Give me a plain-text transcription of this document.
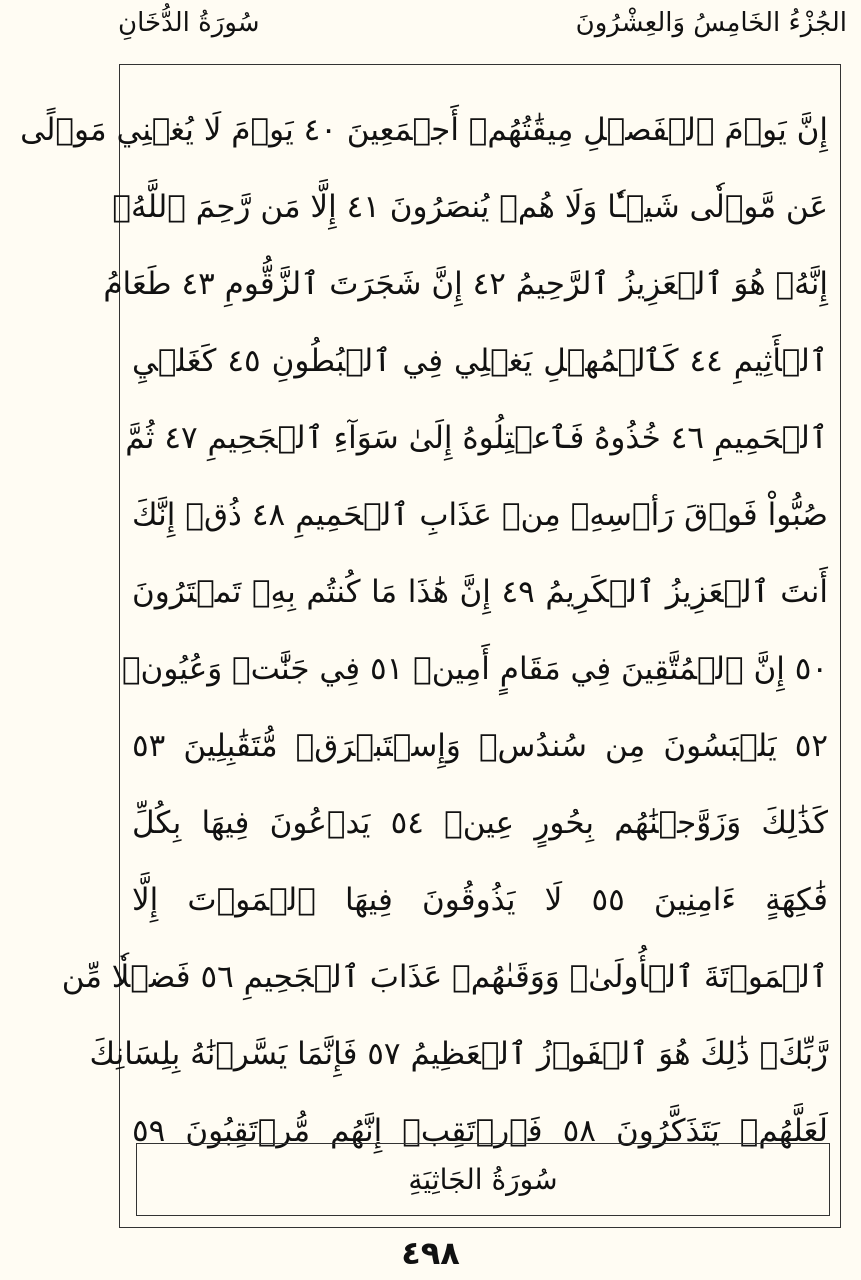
الجُزْءُ الخَامِسُ وَالعِشْرُونَ
سُورَةُ الدُّخَانِ
إِنَّ يَوۡمَ ٱلۡفَصۡلِ مِيقَٰتُهُمۡ أَجۡمَعِينَ ٤٠ يَوۡمَ لَا يُغۡنِي مَوۡلًى
عَن مَّوۡلٗى شَيۡـٔٗا وَلَا هُمۡ يُنصَرُونَ ٤١ إِلَّا مَن رَّحِمَ ٱللَّهُۚ
إِنَّهُۥ هُوَ ٱلۡعَزِيزُ ٱلرَّحِيمُ ٤٢ إِنَّ شَجَرَتَ ٱلزَّقُّومِ ٤٣ طَعَامُ
ٱلۡأَثِيمِ ٤٤ كَٱلۡمُهۡلِ يَغۡلِي فِي ٱلۡبُطُونِ ٤٥ كَغَلۡيِ
ٱلۡحَمِيمِ ٤٦ خُذُوهُ فَٱعۡتِلُوهُ إِلَىٰ سَوَآءِ ٱلۡجَحِيمِ ٤٧ ثُمَّ
صُبُّواْ فَوۡقَ رَأۡسِهِۦ مِنۡ عَذَابِ ٱلۡحَمِيمِ ٤٨ ذُقۡ إِنَّكَ
أَنتَ ٱلۡعَزِيزُ ٱلۡكَرِيمُ ٤٩ إِنَّ هَٰذَا مَا كُنتُم بِهِۦ تَمۡتَرُونَ
٥٠ إِنَّ ٱلۡمُتَّقِينَ فِي مَقَامٍ أَمِينٖ ٥١ فِي جَنَّٰتٖ وَعُيُونٖ
٥٢ يَلۡبَسُونَ مِن سُندُسٖ وَإِسۡتَبۡرَقٖ مُّتَقَٰبِلِينَ ٥٣
كَذَٰلِكَ وَزَوَّجۡنَٰهُم بِحُورٍ عِينٖ ٥٤ يَدۡعُونَ فِيهَا بِكُلِّ
فَٰكِهَةٍ ءَامِنِينَ ٥٥ لَا يَذُوقُونَ فِيهَا ٱلۡمَوۡتَ إِلَّا
ٱلۡمَوۡتَةَ ٱلۡأُولَىٰۖ وَوَقَىٰهُمۡ عَذَابَ ٱلۡجَحِيمِ ٥٦ فَضۡلٗا مِّن
رَّبِّكَۚ ذَٰلِكَ هُوَ ٱلۡفَوۡزُ ٱلۡعَظِيمُ ٥٧ فَإِنَّمَا يَسَّرۡنَٰهُ بِلِسَانِكَ
لَعَلَّهُمۡ يَتَذَكَّرُونَ ٥٨ فَٱرۡتَقِبۡ إِنَّهُم مُّرۡتَقِبُونَ ٥٩
سُورَةُ الجَاثِيَةِ
٤٩٨
